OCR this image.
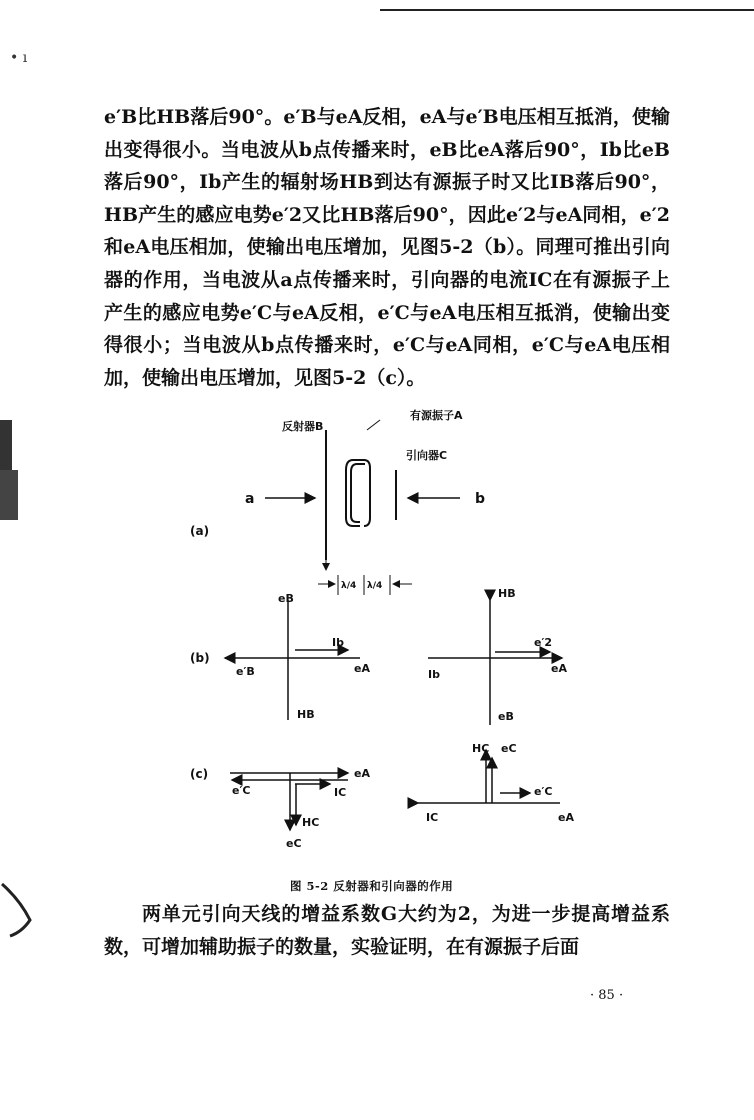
• ı

e′B比HB落后90°。e′B与eA反相，eA与e′B电压相互抵消，使输出变得很小。当电波从b点传播来时，eB比eA落后90°，Ib比eB落后90°，Ib产生的辐射场HB到达有源振子时又比IB落后90°，HB产生的感应电势e′2又比HB落后90°，因此e′2与eA同相，e′2和eA电压相加，使输出电压增加，见图5-2（b）。同理可推出引向器的作用，当电波从a点传播来时，引向器的电流IC在有源振子上产生的感应电势e′C与eA反相，e′C与eA电压相互抵消，使输出变得很小；当电波从b点传播来时，e′C与eA同相，e′C与eA电压相加，使输出电压增加，见图5-2（c）。

反射器B
有源振子A
引向器C
a	b
(a)
λ/4 λ/4
(b)
eB
Ib
e′B	eA
HB
HB
e′2
Ib	eA
eB
(c)	eA
e′C	IC
HC
eC
HC eC
e′C
IC	eA
图 5-2 反射器和引向器的作用

两单元引向天线的增益系数G大约为2，为进一步提高增益系数，可增加辅助振子的数量，实验证明，在有源振子后面

· 85 ·
